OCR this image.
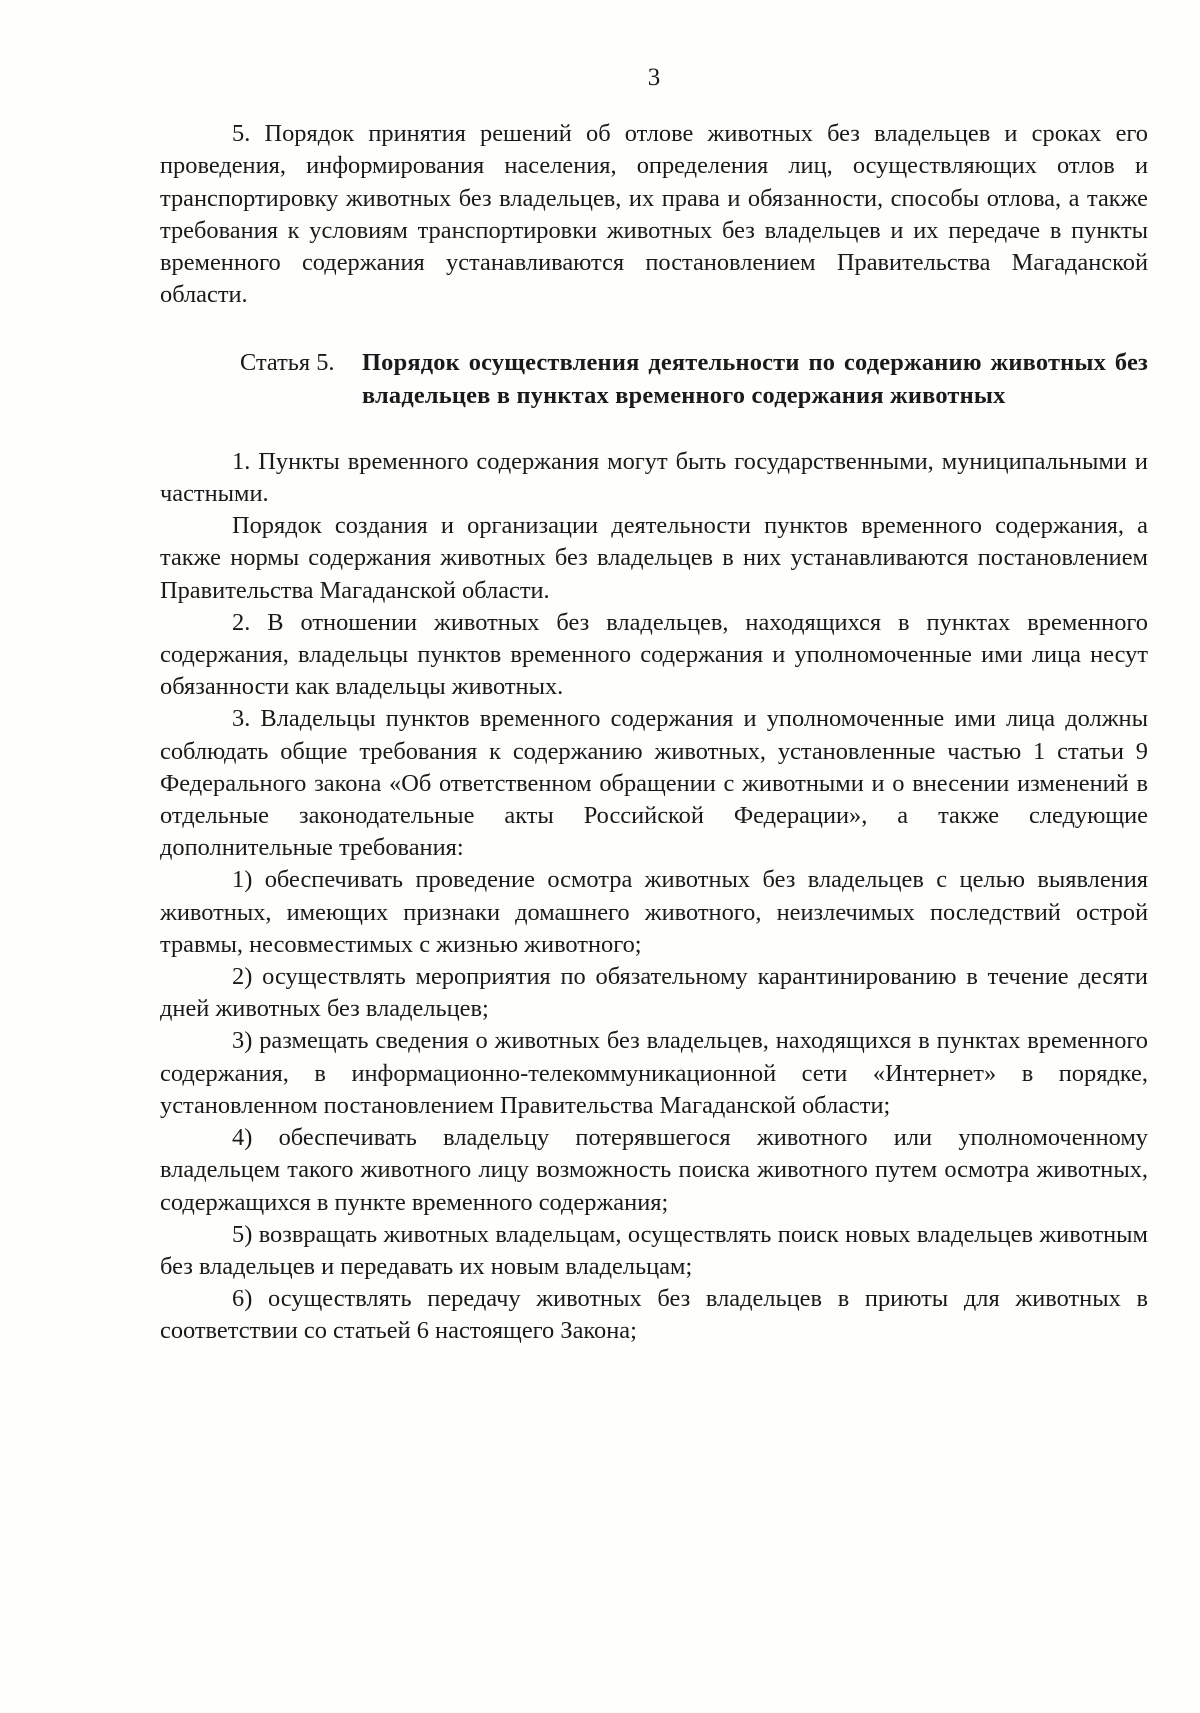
3

5. Порядок принятия решений об отлове животных без владельцев и сроках его проведения, информирования населения, определения лиц, осуществляющих отлов и транспортировку животных без владельцев, их права и обязанности, способы отлова, а также требования к условиям транспортировки животных без владельцев и их передаче в пункты временного содержания устанавливаются постановлением Правительства Магаданской области.

Статья 5.	Порядок осуществления деятельности по содержанию животных без владельцев в пунктах временного содержания животных

1. Пункты временного содержания могут быть государственными, муниципальными и частными.

Порядок создания и организации деятельности пунктов временного содержания, а также нормы содержания животных без владельцев в них устанавливаются постановлением Правительства Магаданской области.

2. В отношении животных без владельцев, находящихся в пунктах временного содержания, владельцы пунктов временного содержания и уполномоченные ими лица несут обязанности как владельцы животных.

3. Владельцы пунктов временного содержания и уполномоченные ими лица должны соблюдать общие требования к содержанию животных, установленные частью 1 статьи 9 Федерального закона «Об ответственном обращении с животными и о внесении изменений в отдельные законодательные акты Российской Федерации», а также следующие дополнительные требования:

1) обеспечивать проведение осмотра животных без владельцев с целью выявления животных, имеющих признаки домашнего животного, неизлечимых последствий острой травмы, несовместимых с жизнью животного;

2) осуществлять мероприятия по обязательному карантинированию в течение десяти дней животных без владельцев;

3) размещать сведения о животных без владельцев, находящихся в пунктах временного содержания, в информационно-телекоммуникационной сети «Интернет» в порядке, установленном постановлением Правительства Магаданской области;

4) обеспечивать владельцу потерявшегося животного или уполномоченному владельцем такого животного лицу возможность поиска животного путем осмотра животных, содержащихся в пункте временного содержания;

5) возвращать животных владельцам, осуществлять поиск новых владельцев животным без владельцев и передавать их новым владельцам;

6) осуществлять передачу животных без владельцев в приюты для животных в соответствии со статьей 6 настоящего Закона;
